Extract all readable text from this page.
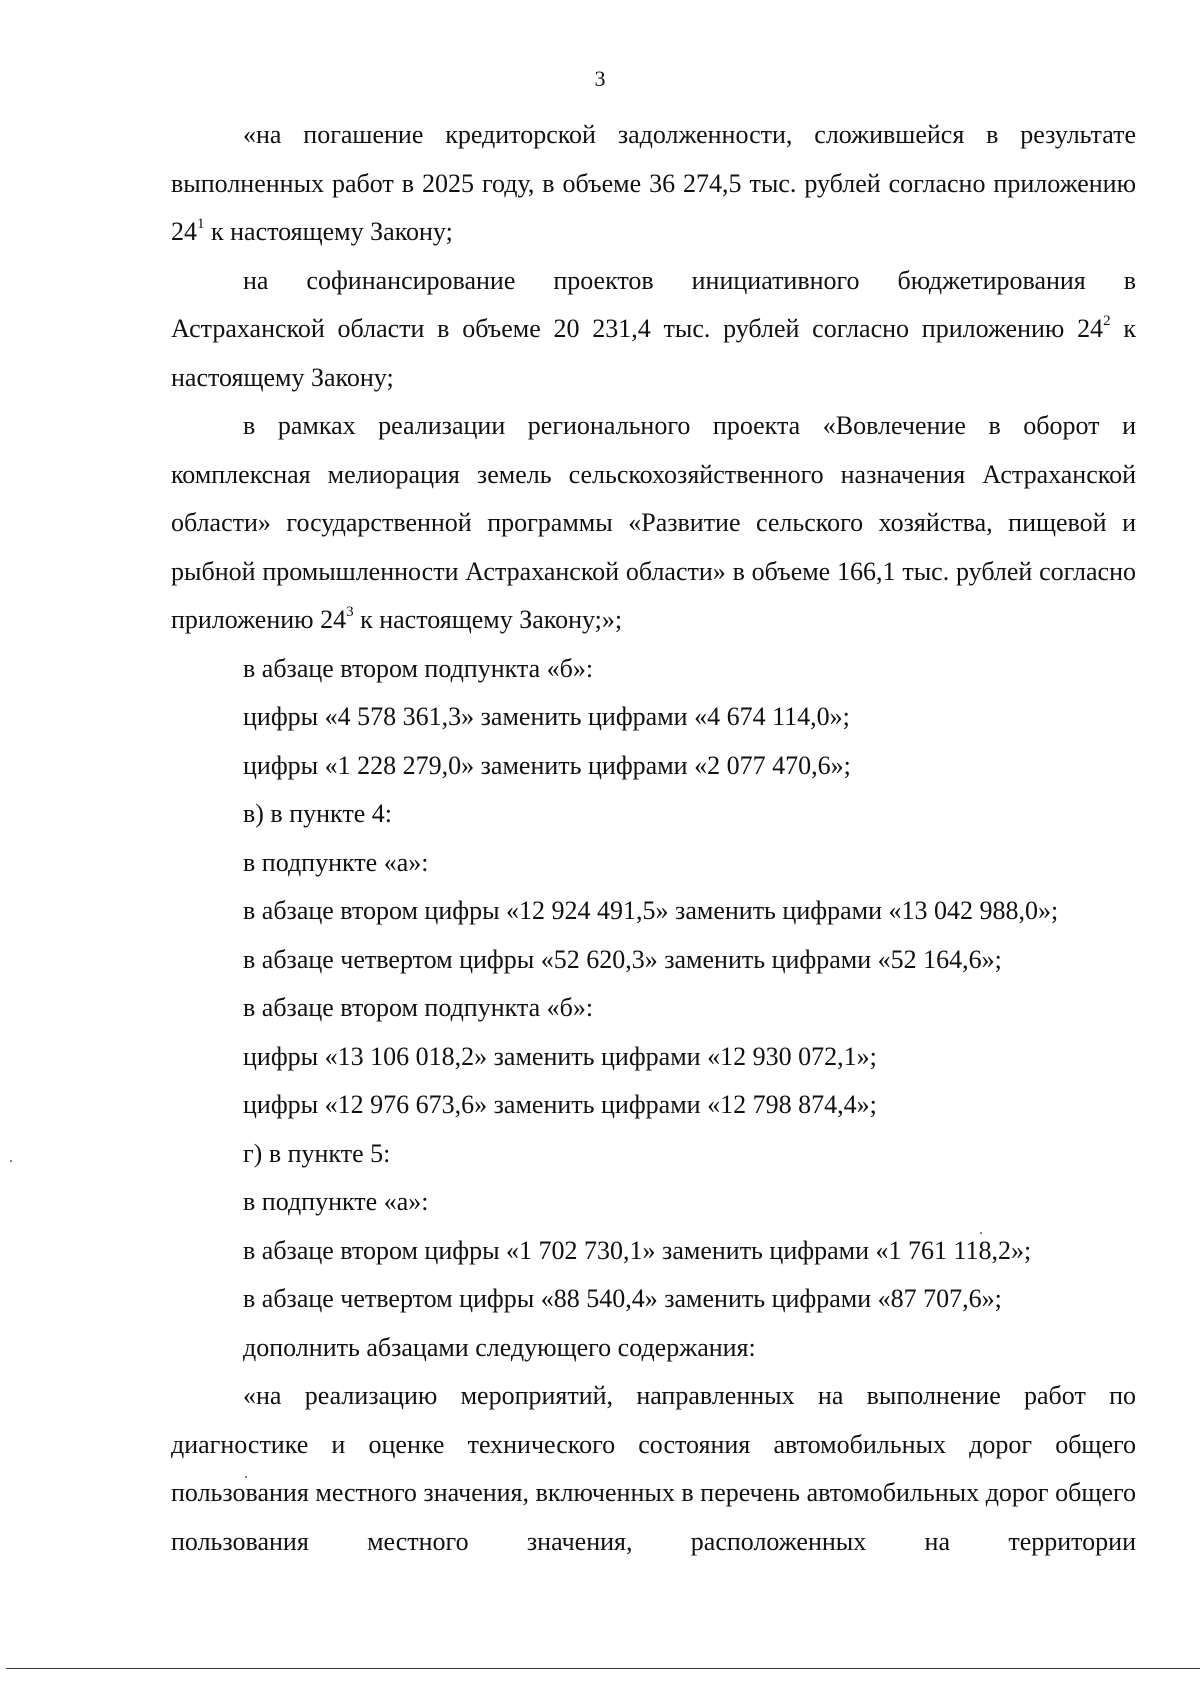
3

«на погашение кредиторской задолженности, сложившейся в результате выполненных работ в 2025 году, в объеме 36 274,5 тыс. рублей согласно приложению $24^1$ к настоящему Закону;

на софинансирование проектов инициативного бюджетирования в Астраханской области в объеме 20 231,4 тыс. рублей согласно приложению $24^2$ к настоящему Закону;

в рамках реализации регионального проекта «Вовлечение в оборот и комплексная мелиорация земель сельскохозяйственного назначения Астраханской области» государственной программы «Развитие сельского хозяйства, пищевой и рыбной промышленности Астраханской области» в объеме 166,1 тыс. рублей согласно приложению $24^3$ к настоящему Закону;»;

в абзаце втором подпункта «б»:

цифры «4 578 361,3» заменить цифрами «4 674 114,0»;

цифры «1 228 279,0» заменить цифрами «2 077 470,6»;

в) в пункте 4:

в подпункте «а»:

в абзаце втором цифры «12 924 491,5» заменить цифрами «13 042 988,0»;

в абзаце четвертом цифры «52 620,3» заменить цифрами «52 164,6»;

в абзаце втором подпункта «б»:

цифры «13 106 018,2» заменить цифрами «12 930 072,1»;

цифры «12 976 673,6» заменить цифрами «12 798 874,4»;

г) в пункте 5:

в подпункте «а»:

в абзаце втором цифры «1 702 730,1» заменить цифрами «1 761 118,2»;

в абзаце четвертом цифры «88 540,4» заменить цифрами «87 707,6»;

дополнить абзацами следующего содержания:

«на реализацию мероприятий, направленных на выполнение работ по диагностике и оценке технического состояния автомобильных дорог общего пользования местного значения, включенных в перечень автомобильных дорог общего пользования местного значения, расположенных на территории
